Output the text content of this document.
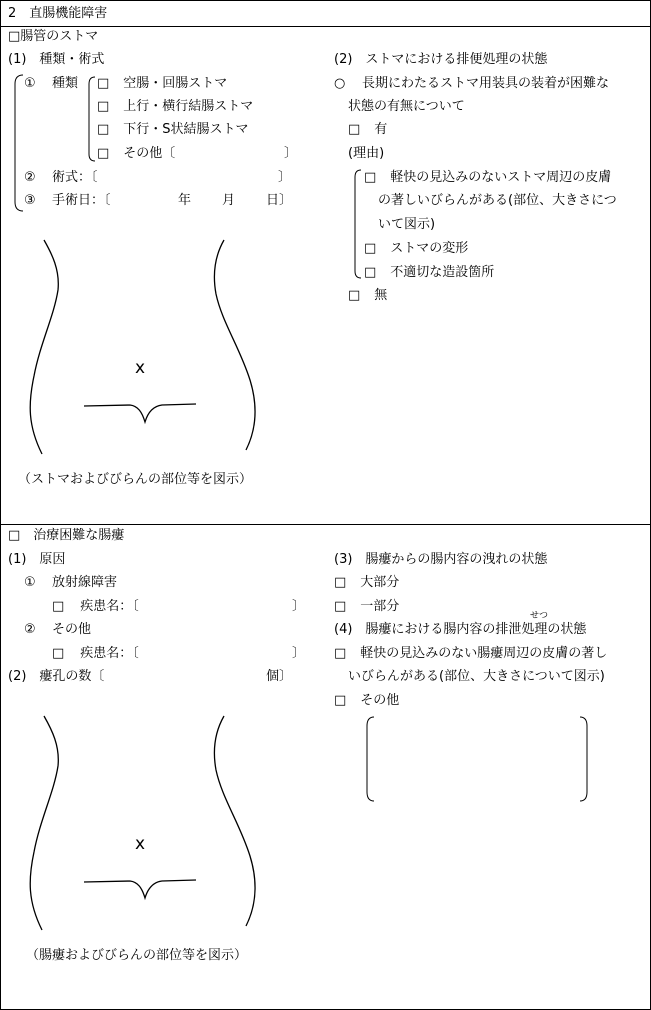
2　直腸機能障害
□腸管のストマ
(1)　種類・術式
① 種類 □ 空腸・回腸ストマ
□ 上行・横行結腸ストマ
□ 下行・S状結腸ストマ
□ その他〔	〕
② 術式：〔	〕
③ 手術日：〔	年 月 日〕
x
（ストマおよびびらんの部位等を図示）
(2)　ストマにおける排便処理の状態
○ 長期にわたるストマ用装具の装着が困難な
状態の有無について
□ 有
(理由)
□ 軽快の見込みのないストマ周辺の皮膚
の著しいびらんがある(部位、大きさにつ
いて図示)
□ ストマの変形
□ 不適切な造設箇所
□ 無
□　治療困難な腸瘻
(1)　原因
① 放射線障害
□ 疾患名：〔	〕
② その他
□ 疾患名：〔	〕
(2)　瘻孔の数〔	個〕
x
（腸瘻およびびらんの部位等を図示）
(3)　腸瘻からの腸内容の洩れの状態
□ 大部分
□ 一部分
せつ
(4)　腸瘻における腸内容の排泄処理の状態
□ 軽快の見込みのない腸瘻周辺の皮膚の著し
いびらんがある(部位、大きさについて図示)
□ その他
